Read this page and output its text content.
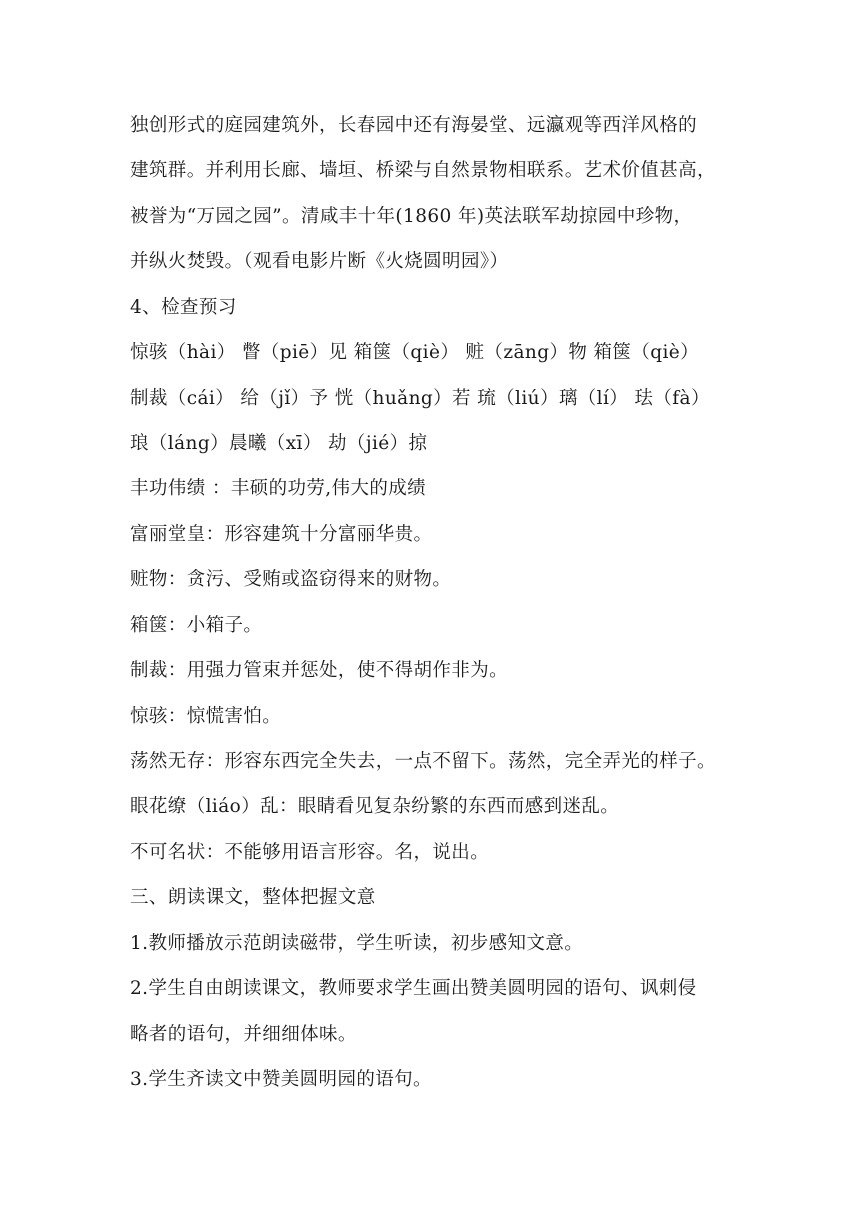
独创形式的庭园建筑外，长春园中还有海晏堂、远瀛观等西洋风格的
建筑群。并利用长廊、墙垣、桥梁与自然景物相联系。艺术价值甚高，
被誉为“万园之园”。清咸丰十年(1860 年)英法联军劫掠园中珍物，
并纵火焚毁。（观看电影片断《火烧圆明园》）
4、检查预习
惊骇（hài） 瞥（piē）见 箱箧（qiè） 赃（zāng）物 箱箧（qiè）
制裁（cái） 给（jǐ）予 恍（huǎng）若 琉（liú）璃（lí） 珐（fà）
琅（láng）晨曦（xī） 劫（jié）掠
丰功伟绩 ：丰硕的功劳,伟大的成绩
富丽堂皇：形容建筑十分富丽华贵。
赃物：贪污、受贿或盗窃得来的财物。
箱箧：小箱子。
制裁：用强力管束并惩处，使不得胡作非为。
惊骇：惊慌害怕。
荡然无存：形容东西完全失去，一点不留下。荡然，完全弄光的样子。
眼花缭（liáo）乱：眼睛看见复杂纷繁的东西而感到迷乱。
不可名状：不能够用语言形容。名，说出。
三、朗读课文，整体把握文意
1.教师播放示范朗读磁带，学生听读，初步感知文意。
2.学生自由朗读课文，教师要求学生画出赞美圆明园的语句、讽刺侵
略者的语句，并细细体味。
3.学生齐读文中赞美圆明园的语句。
